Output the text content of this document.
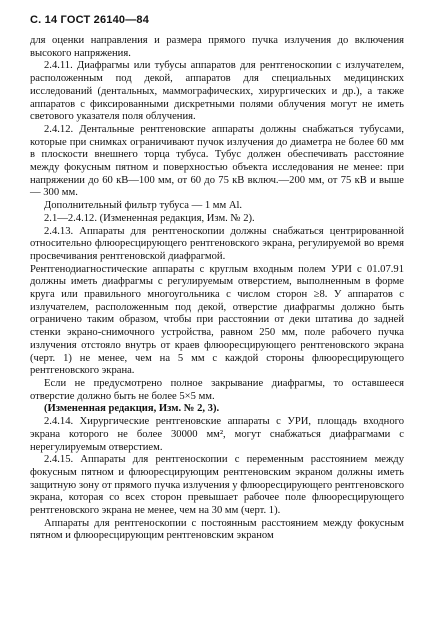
С. 14 ГОСТ 26140—84

для оценки направления и размера прямого пучка излучения до включения высокого напряжения.

2.4.11. Диафрагмы или тубусы аппаратов для рентгеноскопии с излучателем, расположенным под декой, аппаратов для специальных медицинских исследований (дентальных, маммографических, хирургических и др.), а также аппаратов с фиксированными дискретными полями облучения могут не иметь светового указателя поля облучения.

2.4.12. Дентальные рентгеновские аппараты должны снабжаться тубусами, которые при снимках ограничивают пучок излучения до диаметра не более 60 мм в плоскости внешнего торца тубуса. Тубус должен обеспечивать расстояние между фокусным пятном и поверхностью объекта исследования не менее: при напряжении до 60 кВ—100 мм, от 60 до 75 кВ включ.—200 мм, от 75 кВ и выше — 300 мм.

Дополнительный фильтр тубуса — 1 мм Al.

2.1—2.4.12. (Измененная редакция, Изм. № 2).

2.4.13. Аппараты для рентгеноскопии должны снабжаться центрированной относительно флюоресцирующего рентгеновского экрана, регулируемой во время просвечивания рентгеновской диафрагмой.

Рентгенодиагностические аппараты с круглым входным полем УРИ с 01.07.91 должны иметь диафрагмы с регулируемым отверстием, выполненным в форме круга или правильного многоугольника с числом сторон ≥8. У аппаратов с излучателем, расположенным под декой, отверстие диафрагмы должно быть ограничено таким образом, чтобы при расстоянии от деки штатива до задней стенки экрано-снимочного устройства, равном 250 мм, поле рабочего пучка излучения отстояло внутрь от краев флюоресцирующего рентгеновского экрана (черт. 1) не менее, чем на 5 мм с каждой стороны флюоресцирующего рентгеновского экрана.

Если не предусмотрено полное закрывание диафрагмы, то оставшееся отверстие должно быть не более 5×5 мм.

(Измененная редакция, Изм. № 2, 3).

2.4.14. Хирургические рентгеновские аппараты с УРИ, площадь входного экрана которого не более 30000 мм², могут снабжаться диафрагмами с нерегулируемым отверстием.

2.4.15. Аппараты для рентгеноскопии с переменным расстоянием между фокусным пятном и флюоресцирующим рентгеновским экраном должны иметь защитную зону от прямого пучка излучения у флюоресцирующего рентгеновского экрана, которая со всех сторон превышает рабочее поле флюоресцирующего рентгеновского экрана не менее, чем на 30 мм (черт. 1).

Аппараты для рентгеноскопии с постоянным расстоянием между фокусным пятном и флюоресцирующим рентгеновским экраном
